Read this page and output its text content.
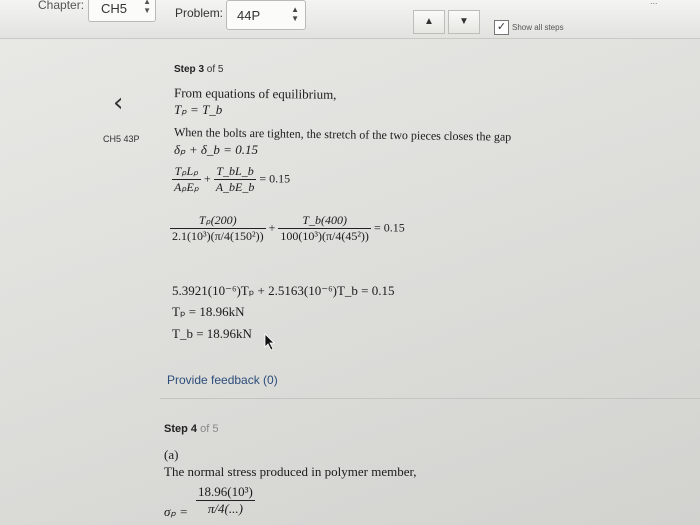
Chapter: CH5 ▲
▼ Problem: 44P	▲
▼	▲	▼	✓ Show all steps
...
‹
CH5 43P
Step 3 of 5
From equations of equilibrium,
Tₚ = T_b
When the bolts are tighten, the stretch of the two pieces closes the gap
δₚ + δ_b = 0.15
$\frac{\text{TₚLₚ}}{\text{AₚEₚ}} + \frac{T\_bL\_b}{A\_bE\_b} = 0.15$
$\frac{\text{Tₚ(200)}}{\text{2.1(10³)(π/4(150²))}} + \frac{T\_b(400)}{\text{100(10³)(π/4(45²))}} = 0.15$
5.3921(10⁻⁶)Tₚ + 2.5163(10⁻⁶)T_b = 0.15
Tₚ = 18.96kN
T_b = 18.96kN
Provide feedback (0)
Step 4 of 5
(a)
The normal stress produced in polymer member,
$\sigma_p = \frac{\text{18.96(10³)}}{\pi/4(...)}$
